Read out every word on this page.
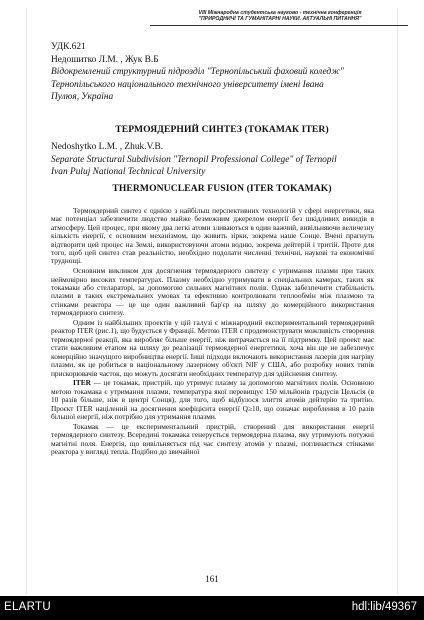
VIII Міжнародна студентська науково - технічна конференція
"ПРИРОДНИЧІ ТА ГУМАНІТАРНІ НАУКИ. АКТУАЛЬНІ ПИТАННЯ"
УДК.621
Недошитко Л.М. , Жук В.Б
Відокремлений структурний підрозділ "Тернопільський фаховий коледж"
Тернопільського національного технічного університету імені Івана
Пулюя, Україна
ТЕРМОЯДЕРНИЙ СИНТЕЗ (ТОКАМАК ITER)
Nedoshytko L.M. , Zhuk.V.B.
Separate Structural Subdivision "Ternopil Professional College" of Ternopil
Ivan Puluj National Technical University
THERMONUCLEAR FUSION (ITER TOKAMAK)

Термоядерний синтез є однією з найбільш перспективних технологій у сфері енергетики, яка має потенціал забезпечити людство майже безмежним джерелом енергії без шкідливих викидів в атмосферу. Цей процес, при якому два легкі атоми зливаються в один важчий, вивільняючи величезну кількість енергії, є основним механізмом, що живить зірки, зокрема наше Сонце. Вчені прагнуть відтворити цей процес на Землі, використовуючи атоми водню, зокрема дейтерій і тритій. Проте для того, щоб цей синтез став реальністю, необхідно подолати численні технічні, наукові та економічні труднощі.

Основним викликом для досягнення термоядерного синтезу є утримання плазми при таких неймовірно високих температурах. Плазму необхідно утримувати в спеціальних камерах, таких як токамаки або стелараторі, за допомогою сильних магнітних полів. Однак забезпечити стабільність плазми в таких екстремальних умовах та ефективно контролювати теплообмін між плазмою та стінками реактора — це ще один важливий бар'єр на шляху до комерційного використання термоядерного синтезу.

Одним із найбільших проектів у цій галузі є міжнародний експериментальний термоядерний реактор ITER (рис.1), що будується у Франції. Метою ITER є продемонструвати можливість створення термоядерної реакції, яка виробляє більше енергії, ніж витрачається на її підтримку. Цей проект має стати важливим етапом на шляху до реалізації термоядерної енергетики, хоча він ще не забезпечує комерційно значущого виробництва енергії. Інші підходи включають використання лазерів для нагріву плазми, як це робиться в національному лазерному об'єкті NIF у США, або розробку нових типів прискорювачів часток, що можуть досягати необхідних температур для здійснення синтезу.

ITER — це токамак, пристрій, що утримує плазму за допомогою магнітних полів. Основною метою токамака є утримання плазми, температура якої перевищує 150 мільйонів градусів Цельсія (в 10 разів більше, ніж в центрі Сонця), для того, щоб відбулося злиття атомів дейтерію та тритію. Проєкт ITER націлений на досягнення коефіцієнта енергії Q≥10, що означає вироблення в 10 разів більшої енергії, ніж потрібно для утримання плазми.

Токамак — це експериментальний пристрій, створений для використання енергії термоядерного синтезу. Всередині токамака генерується термоядерна плазма, яку утримують потужні магнітні поля. Енергія, що вивільняється під час синтезу атомів у плазмі, поглинається стінками реактора у вигляді тепла. Подібно до звичайної

161
ELARTU	hdl:lib/49367
